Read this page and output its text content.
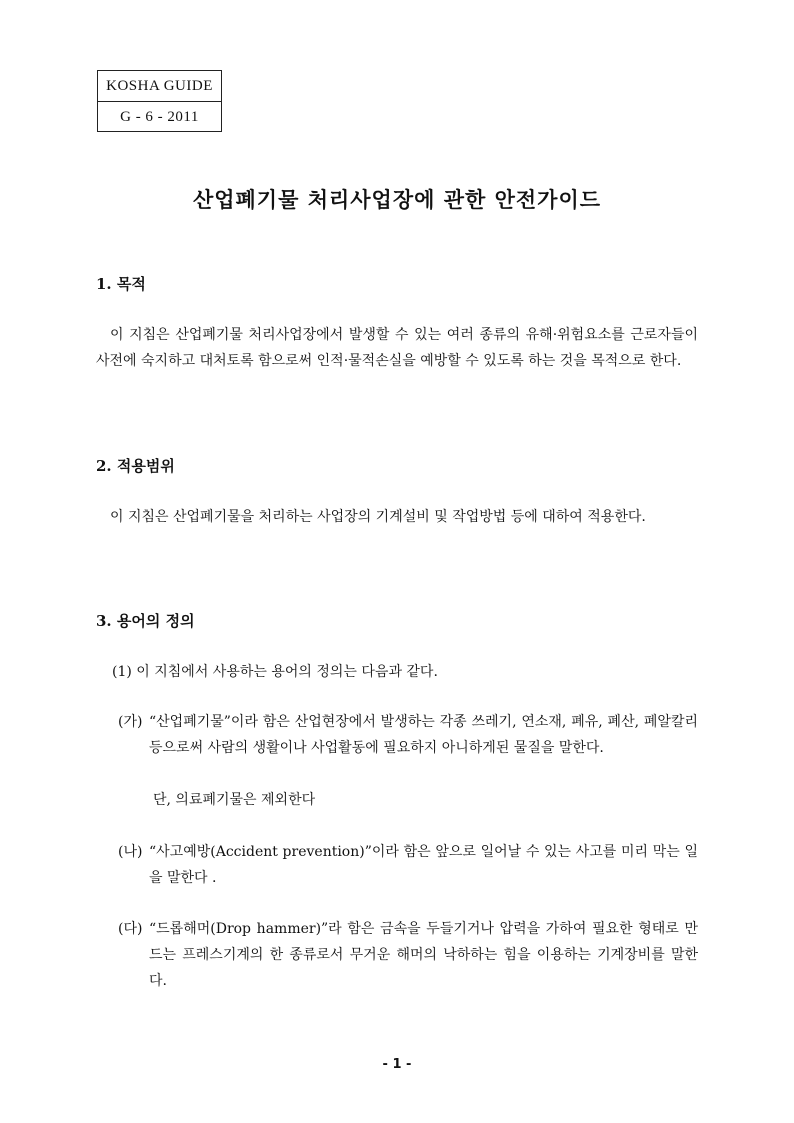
KOSHA GUIDE
G - 6 - 2011
산업폐기물 처리사업장에 관한 안전가이드
1. 목적
이 지침은 산업폐기물 처리사업장에서 발생할 수 있는 여러 종류의 유해·위험요소를 근로자들이 사전에 숙지하고 대처토록 함으로써 인적·물적손실을 예방할 수 있도록 하는 것을 목적으로 한다.
2. 적용범위
이 지침은 산업폐기물을 처리하는 사업장의 기계설비 및 작업방법 등에 대하여 적용한다.
3. 용어의 정의
(1) 이 지침에서 사용하는 용어의 정의는 다음과 같다.
(가) “산업폐기물”이라 함은 산업현장에서 발생하는 각종 쓰레기, 연소재, 폐유, 폐산, 폐알칼리 등으로써 사람의 생활이나 사업활동에 필요하지 아니하게된 물질을 말한다.
단, 의료폐기물은 제외한다
(나) “사고예방(Accident prevention)”이라 함은 앞으로 일어날 수 있는 사고를 미리 막는 일을 말한다 .
(다) “드롭해머(Drop hammer)”라 함은 금속을 두들기거나 압력을 가하여 필요한 형태로 만드는 프레스기계의 한 종류로서 무거운 해머의 낙하하는 힘을 이용하는 기계장비를 말한다.
- 1 -
